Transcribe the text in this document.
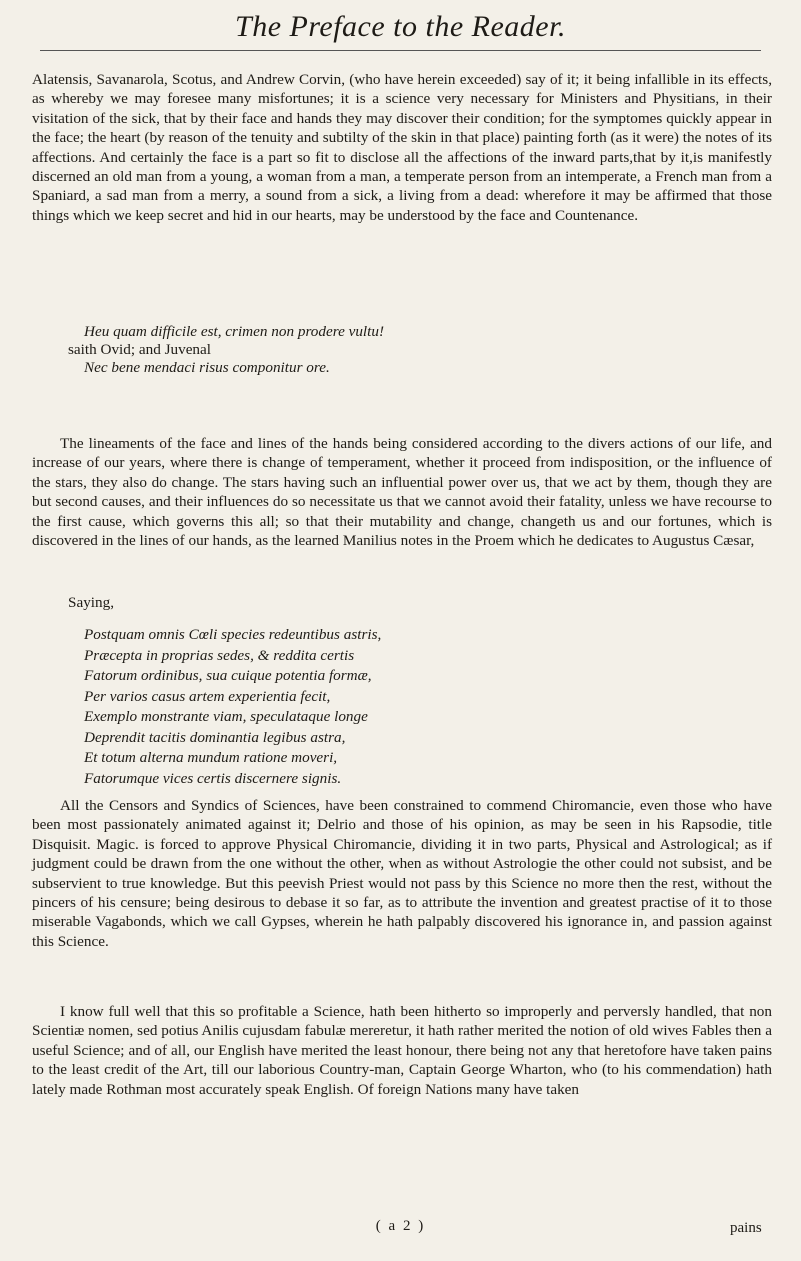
The Preface to the Reader.
Alatensis, Savanarola, Scotus, and Andrew Corvin, (who have herein exceeded) say of it; it being infallible in its effects, as whereby we may foresee many misfortunes; it is a science very necessary for Ministers and Physitians, in their visitation of the sick, that by their face and hands they may discover their condition; for the symptomes quickly appear in the face; the heart (by reason of the tenuity and subtilty of the skin in that place) painting forth (as it were) the notes of its affections. And certainly the face is a part so fit to disclose all the affections of the inward parts,that by it,is manifestly discerned an old man from a young, a woman from a man, a temperate person from an intemperate, a French man from a Spaniard, a sad man from a merry, a sound from a sick, a living from a dead: wherefore it may be affirmed that those things which we keep secret and hid in our hearts, may be understood by the face and Countenance.
Heu quam difficile est, crimen non prodere vultu!
saith Ovid; and Juvenal
Nec bene mendaci risus componitur ore.
The lineaments of the face and lines of the hands being considered according to the divers actions of our life, and increase of our years, where there is change of temperament, whether it proceed from indisposition, or the influence of the stars, they also do change. The stars having such an influential power over us, that we act by them, though they are but second causes, and their influences do so necessitate us that we cannot avoid their fatality, unless we have recourse to the first cause, which governs this all; so that their mutability and change, changeth us and our fortunes, which is discovered in the lines of our hands, as the learned Manilius notes in the Proem which he dedicates to Augustus Cæsar,
Saying,
Postquam omnis Cœli species redeuntibus astris,
Præcepta in proprias sedes, & reddita certis
Fatorum ordinibus, sua cuique potentia formæ,
Per varios casus artem experientia fecit,
Exemplo monstrante viam, speculataque longe
Deprendit tacitis dominantia legibus astra,
Et totum alterna mundum ratione moveri,
Fatorumque vices certis discernere signis.
All the Censors and Syndics of Sciences, have been constrained to commend Chiromancie, even those who have been most passionately animated against it; Delrio and those of his opinion, as may be seen in his Rapsodie, title Disquisit. Magic. is forced to approve Physical Chiromancie, dividing it in two parts, Physical and Astrological; as if judgment could be drawn from the one without the other, when as without Astrologie the other could not subsist, and be subservient to true knowledge. But this peevish Priest would not pass by this Science no more then the rest, without the pincers of his censure; being desirous to debase it so far, as to attribute the invention and greatest practise of it to those miserable Vagabonds, which we call Gypses, wherein he hath palpably discovered his ignorance in, and passion against this Science.
I know full well that this so profitable a Science, hath been hitherto so improperly and perversly handled, that non Scientiæ nomen, sed potius Anilis cujusdam fabulæ mereretur, it hath rather merited the notion of old wives Fables then a useful Science; and of all, our English have merited the least honour, there being not any that heretofore have taken pains to the least credit of the Art, till our laborious Country-man, Captain George Wharton, who (to his commendation) hath lately made Rothman most accurately speak English. Of foreign Nations many have taken
( a 2 )	pains
